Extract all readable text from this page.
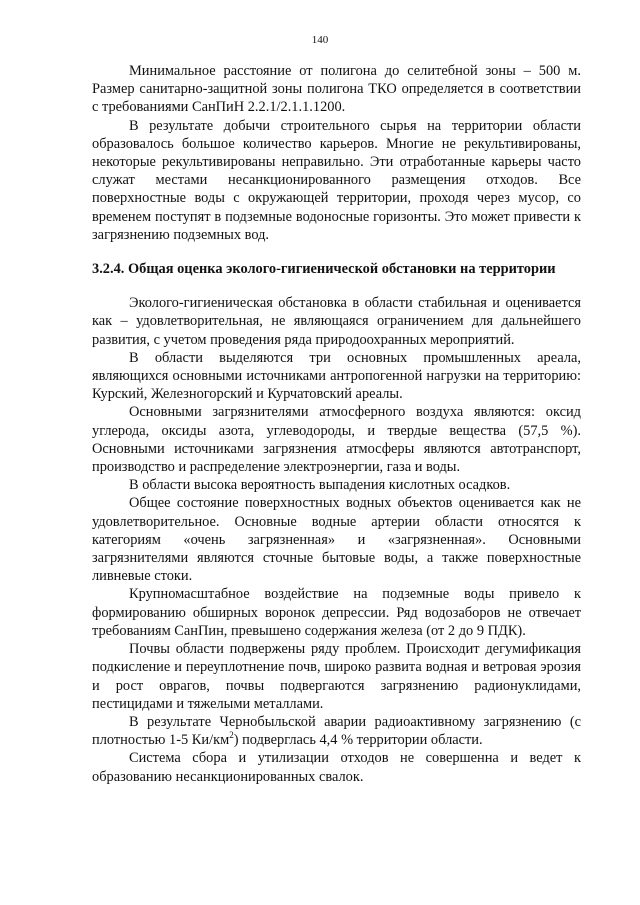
140

Минимальное расстояние от полигона до селитебной зоны – 500 м. Размер санитарно-защитной зоны полигона ТКО определяется в соответствии с требованиями СанПиН 2.2.1/2.1.1.1200.

В результате добычи строительного сырья на территории области образовалось большое количество карьеров. Многие не рекультивированы, некоторые рекультивированы неправильно. Эти отработанные карьеры часто служат местами несанкционированного размещения отходов. Все поверхностные воды с окружающей территории, проходя через мусор, со временем поступят в подземные водоносные горизонты. Это может привести к загрязнению подземных вод.

3.2.4. Общая оценка эколого-гигиенической обстановки на территории

Эколого-гигиеническая обстановка в области стабильная и оценивается как – удовлетворительная, не являющаяся ограничением для дальнейшего развития, с учетом проведения ряда природоохранных мероприятий.

В области выделяются три основных промышленных ареала, являющихся основными источниками антропогенной нагрузки на территорию: Курский, Железногорский и Курчатовский ареалы.

Основными загрязнителями атмосферного воздуха являются: оксид углерода, оксиды азота, углеводороды, и твердые вещества (57,5 %). Основными источниками загрязнения атмосферы являются автотранспорт, производство и распределение электроэнергии, газа и воды.

В области высока вероятность выпадения кислотных осадков.

Общее состояние поверхностных водных объектов оценивается как не удовлетворительное. Основные водные артерии области относятся к категориям «очень загрязненная» и «загрязненная». Основными загрязнителями являются сточные бытовые воды, а также поверхностные ливневые стоки.

Крупномасштабное воздействие на подземные воды привело к формированию обширных воронок депрессии. Ряд водозаборов не отвечает требованиям СанПин, превышено содержания железа (от 2 до 9 ПДК).

Почвы области подвержены ряду проблем. Происходит дегумификация подкисление и переуплотнение почв, широко развита водная и ветровая эрозия и рост оврагов, почвы подвергаются загрязнению радионуклидами, пестицидами и тяжелыми металлами.

В результате Чернобыльской аварии радиоактивному загрязнению (с плотностью 1-5 $Ки/км^2$) подверглась 4,4 % территории области.

Система сбора и утилизации отходов не совершенна и ведет к образованию несанкционированных свалок.
